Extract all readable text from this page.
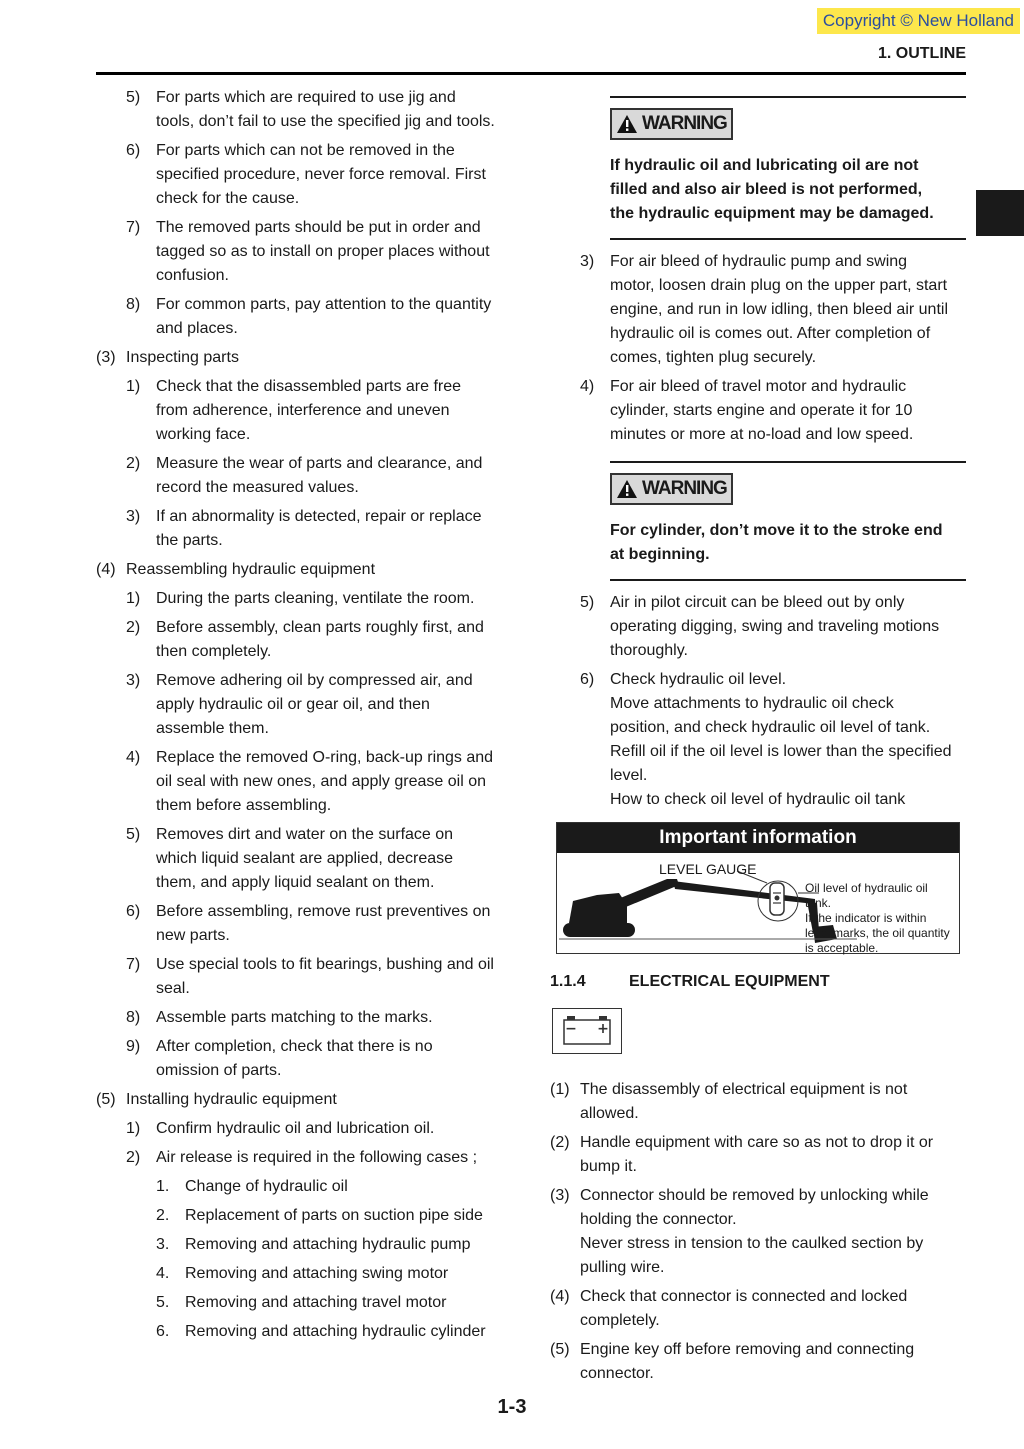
Copyright © New Holland
1. OUTLINE
5) For parts which are required to use jig and
tools, don’t fail to use the specified jig and tools.
6) For parts which can not be removed in the
specified procedure, never force removal. First
check for the cause.
7) The removed parts should be put in order and
tagged so as to install on proper places without
confusion.
8) For common parts, pay attention to the quantity
and places.
(3) Inspecting parts
1) Check that the disassembled parts are free
from adherence, interference and uneven
working face.
2) Measure the wear of parts and clearance, and
record the measured values.
3) If an abnormality is detected, repair or replace
the parts.
(4) Reassembling hydraulic equipment
1) During the parts cleaning, ventilate the room.
2) Before assembly, clean parts roughly first, and
then completely.
3) Remove adhering oil by compressed air, and
apply hydraulic oil or gear oil, and then
assemble them.
4) Replace the removed O-ring, back-up rings and
oil seal with new ones, and apply grease oil on
them before assembling.
5) Removes dirt and water on the surface on
which liquid sealant are applied, decrease
them, and apply liquid sealant on them.
6) Before assembling, remove rust preventives on
new parts.
7) Use special tools to fit bearings, bushing and oil
seal.
8) Assemble parts matching to the marks.
9) After completion, check that there is no
omission of parts.
(5) Installing hydraulic equipment
1) Confirm hydraulic oil and lubrication oil.
2) Air release is required in the following cases ;
1. Change of hydraulic oil
2. Replacement of parts on suction pipe side
3. Removing and attaching hydraulic pump
4. Removing and attaching swing motor
5. Removing and attaching travel motor
6. Removing and attaching hydraulic cylinder
WARNING
If hydraulic oil and lubricating oil are not
filled and also air bleed is not performed,
the hydraulic equipment may be damaged.
3) For air bleed of hydraulic pump and swing
motor, loosen drain plug on the upper part, start
engine, and run in low idling, then bleed air until
hydraulic oil is comes out. After completion of
comes, tighten plug securely.
4) For air bleed of travel motor and hydraulic
cylinder, starts engine and operate it for 10
minutes or more at no-load and low speed.
WARNING
For cylinder, don’t move it to the stroke end
at beginning.
5) Air in pilot circuit can be bleed out by only
operating digging, swing and traveling motions
thoroughly.
6) Check hydraulic oil level.
Move attachments to hydraulic oil check
position, and check hydraulic oil level of tank.
Refill oil if the oil level is lower than the specified
level.
How to check oil level of hydraulic oil tank
Important information
LEVEL GAUGE
Oil level of hydraulic oil tank.
If the indicator is within
level marks, the oil quantity
is acceptable.
1.1.4	ELECTRICAL EQUIPMENT
− +
(1) The disassembly of electrical equipment is not
allowed.
(2) Handle equipment with care so as not to drop it or
bump it.
(3) Connector should be removed by unlocking while
holding the connector.
Never stress in tension to the caulked section by
pulling wire.
(4) Check that connector is connected and locked
completely.
(5) Engine key off before removing and connecting
connector.
1-3
